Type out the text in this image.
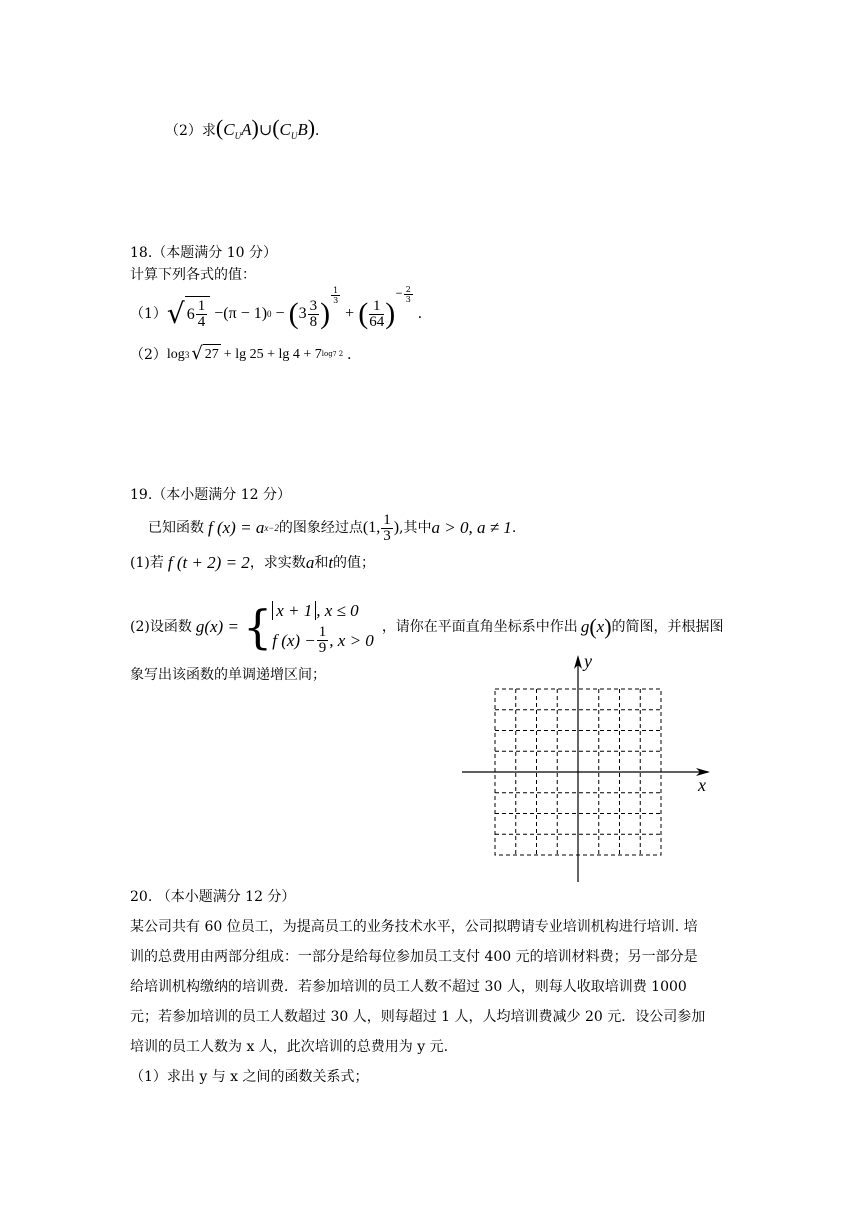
（2）求$(C_UA)\cup(C_UB)$.
18.（本题满分 10 分）
计算下列各式的值：
（1） √ $6 \frac{1}{4} -(\pi - 1) 0$ − ( $3 \frac{3}{8}$ )
$\frac{1}{3}$
+ ( $\frac{1}{64}$ )
− $\frac{2}{3}$
.
（2） log 3 √ 27 + lg 25 + lg 4 + 7 log7 2 .
19.（本小题满分 12 分）
已知函数 f (x) = a x−2 的图象经过点 (1, $\frac{1}{3}$ ) ,其中 a > 0, a ≠ 1 .
(1)若 f (t + 2) = 2 ，求实数 a 和 t 的值；
(2)设函数 g(x) = { x + 1 , x ≤ 0
f $(x) - \frac{1}{9}$ , x > 0
，请你在平面直角坐标系中作出 g ( x ) 的简图，并根据图
象写出该函数的单调递增区间；
y
x
20. （本小题满分 12 分）
某公司共有 60 位员工，为提高员工的业务技术水平，公司拟聘请专业培训机构进行培训. 培
训的总费用由两部分组成：一部分是给每位参加员工支付 400 元的培训材料费；另一部分是
给培训机构缴纳的培训费．若参加培训的员工人数不超过 30 人，则每人收取培训费 1000
元；若参加培训的员工人数超过 30 人，则每超过 1 人，人均培训费减少 20 元．设公司参加
培训的员工人数为 x 人，此次培训的总费用为 y 元.
（1）求出 y 与 x 之间的函数关系式；
